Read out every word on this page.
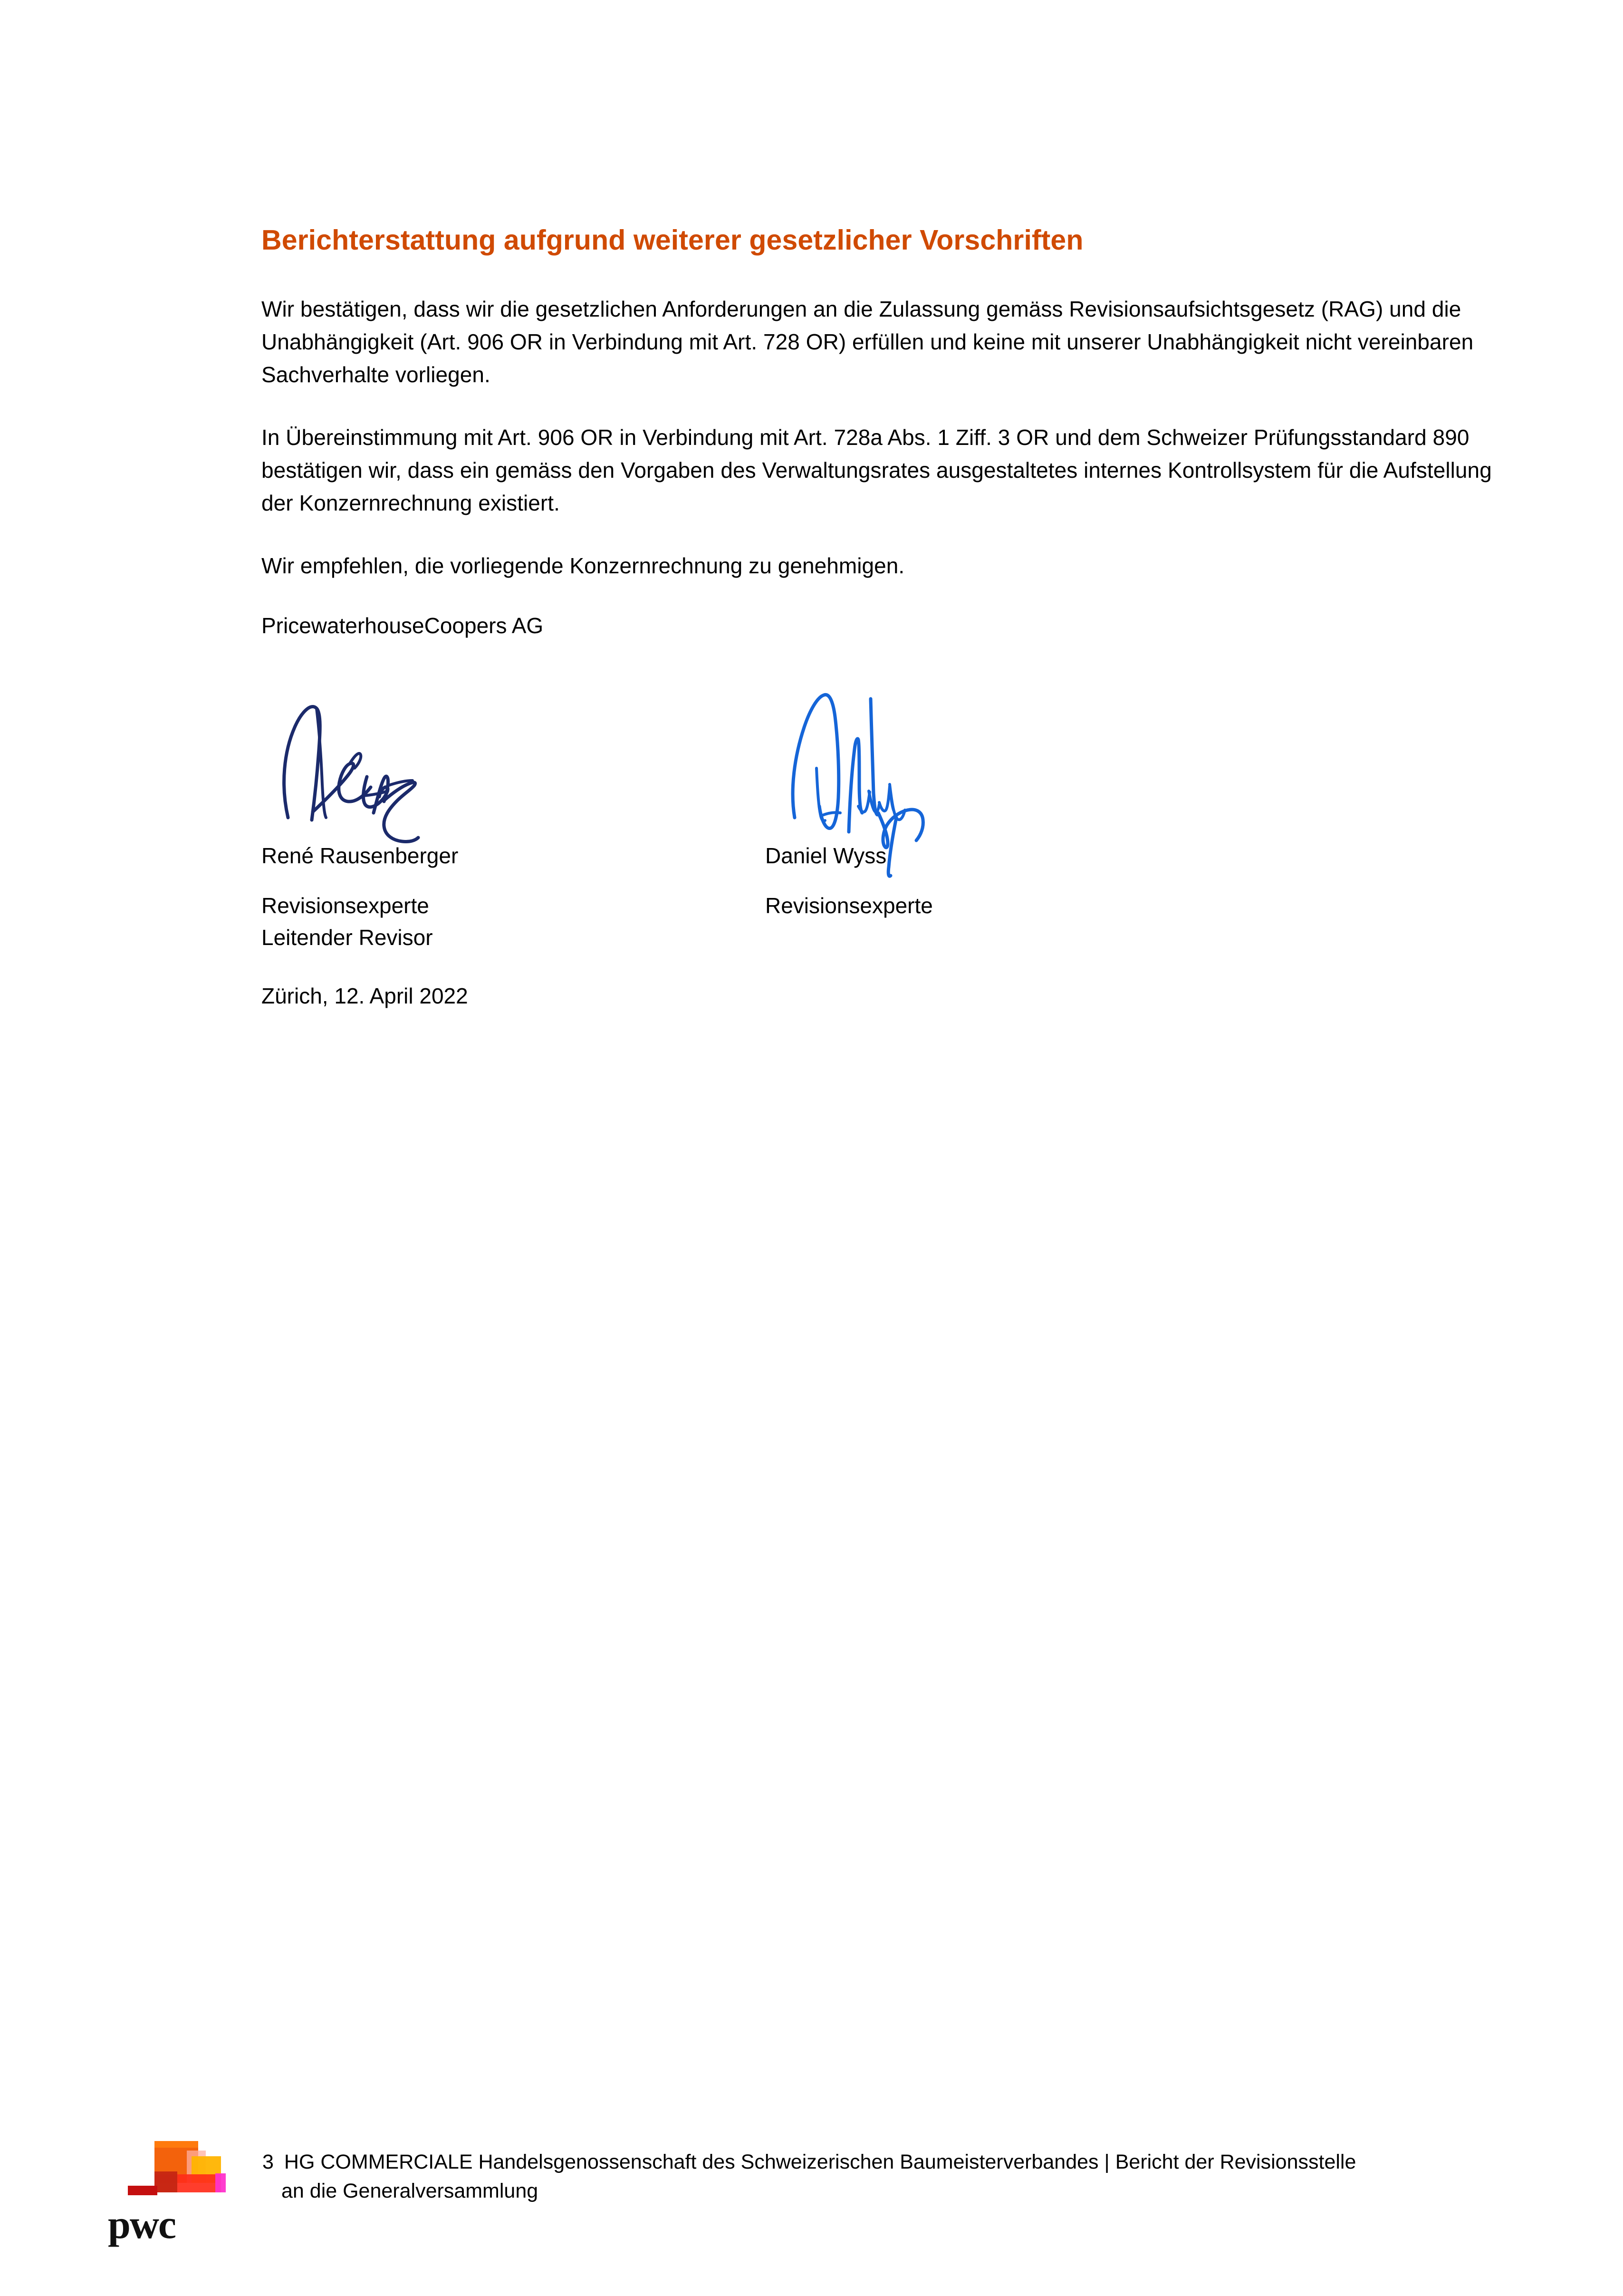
Berichterstattung aufgrund weiterer gesetzlicher Vorschriften

Wir bestätigen, dass wir die gesetzlichen Anforderungen an die Zulassung gemäss Revisionsaufsichtsgesetz (RAG) und die Unabhängigkeit (Art. 906 OR in Verbindung mit Art. 728 OR) erfüllen und keine mit unserer Unabhängigkeit nicht vereinbaren Sachverhalte vorliegen.

In Übereinstimmung mit Art. 906 OR in Verbindung mit Art. 728a Abs. 1 Ziff. 3 OR und dem Schweizer Prüfungsstandard 890 bestätigen wir, dass ein gemäss den Vorgaben des Verwaltungsrates ausgestaltetes internes Kontrollsystem für die Aufstellung der Konzernrechnung existiert.

Wir empfehlen, die vorliegende Konzernrechnung zu genehmigen.

PricewaterhouseCoopers AG

René Rausenberger	Daniel Wyss
Revisionsexperte
Leitender Revisor
Revisionsexperte
Zürich, 12. April 2022
pwc
3 HG COMMERCIALE Handelsgenossenschaft des Schweizerischen Baumeisterverbandes | Bericht der Revisionsstelle
an die Generalversammlung
